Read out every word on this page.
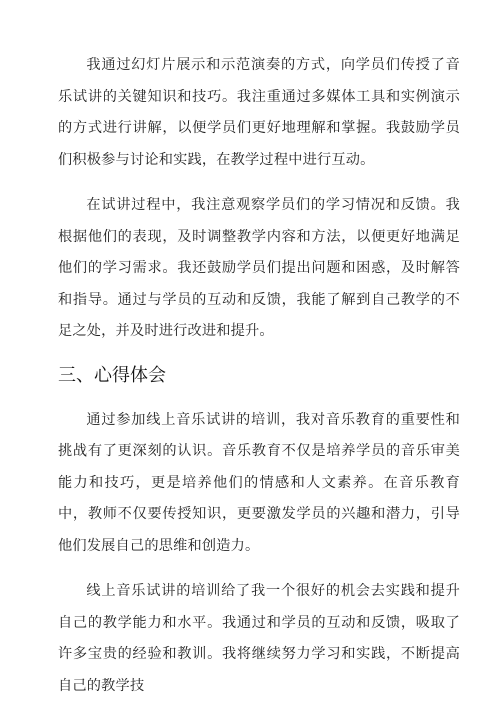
我通过幻灯片展示和示范演奏的方式，向学员们传授了音乐试讲的关键知识和技巧。我注重通过多媒体工具和实例演示的方式进行讲解，以便学员们更好地理解和掌握。我鼓励学员们积极参与讨论和实践，在教学过程中进行互动。

在试讲过程中，我注意观察学员们的学习情况和反馈。我根据他们的表现，及时调整教学内容和方法，以便更好地满足他们的学习需求。我还鼓励学员们提出问题和困惑，及时解答和指导。通过与学员的互动和反馈，我能了解到自己教学的不足之处，并及时进行改进和提升。

三、心得体会

通过参加线上音乐试讲的培训，我对音乐教育的重要性和挑战有了更深刻的认识。音乐教育不仅是培养学员的音乐审美能力和技巧，更是培养他们的情感和人文素养。在音乐教育中，教师不仅要传授知识，更要激发学员的兴趣和潜力，引导他们发展自己的思维和创造力。

线上音乐试讲的培训给了我一个很好的机会去实践和提升自己的教学能力和水平。我通过和学员的互动和反馈，吸取了许多宝贵的经验和教训。我将继续努力学习和实践，不断提高自己的教学技
